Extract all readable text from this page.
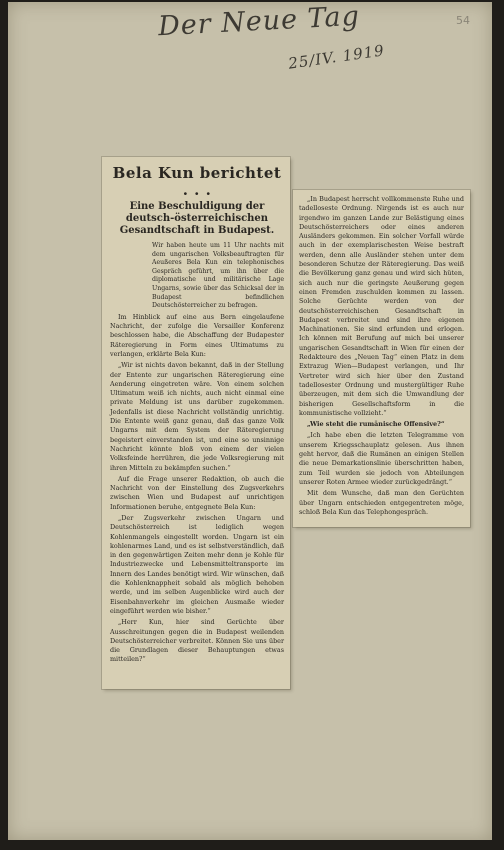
Der Neue Tag
25/IV. 1919
54
Bela Kun berichtet . . .
Eine Beschuldigung der deutsch-österreichischen Gesandtschaft in Budapest.

Wir haben heute um 11 Uhr nachts mit dem ungarischen Volksbeauftragten für Aeußeres Bela Kun ein telephonisches Gespräch geführt, um ihn über die diplomatische und militärische Lage Ungarns, sowie über das Schicksal der in Budapest befindlichen Deutschösterreicher zu befragen.

Im Hinblick auf eine aus Bern eingelaufene Nachricht, der zufolge die Versailler Konferenz beschlossen habe, die Abschaffung der Budapester Räteregierung in Form eines Ultimatums zu verlangen, erklärte Bela Kun:

„Wir ist nichts davon bekannt, daß in der Stellung der Entente zur ungarischen Räteregierung eine Aenderung eingetreten wäre. Von einem solchen Ultimatum weiß ich nichts, auch nicht einmal eine private Meldung ist uns darüber zugekommen. Jedenfalls ist diese Nachricht vollständig unrichtig. Die Entente weiß ganz genau, daß das ganze Volk Ungarns mit dem System der Räteregierung begeistert einverstanden ist, und eine so unsinnige Nachricht könnte bloß von einem der vielen Volksfeinde herrühren, die jede Volksregierung mit ihren Mitteln zu bekämpfen suchen.“

Auf die Frage unserer Redaktion, ob auch die Nachricht von der Einstellung des Zugsverkehrs zwischen Wien und Budapest auf unrichtigen Informationen beruhe, entgegnete Bela Kun:

„Der Zugsverkehr zwischen Ungarn und Deutschösterreich ist lediglich wegen Kohlenmangels eingestellt worden. Ungarn ist ein kohlenarmes Land, und es ist selbstverständlich, daß in den gegenwärtigen Zeiten mehr denn je Kohle für Industriezwecke und Lebensmitteltransporte im Innern des Landes benötigt wird. Wir wünschen, daß die Kohlenknappheit sobald als möglich behoben werde, und im selben Augenblicke wird auch der Eisenbahnverkehr im gleichen Ausmaße wieder eingeführt werden wie bisher.“

„Herr Kun, hier sind Gerüchte über Ausschreitungen gegen die in Budapest weilenden Deutschösterreicher verbreitet. Können Sie uns über die Grundlagen dieser Behauptungen etwas mitteilen?“

„In Budapest herrscht vollkommenste Ruhe und tadelloseste Ordnung. Nirgends ist es auch nur irgendwo im ganzen Lande zur Belästigung eines Deutschösterreichers oder eines anderen Ausländers gekommen. Ein solcher Vorfall würde auch in der exemplarischesten Weise bestraft werden, denn alle Ausländer stehen unter dem besonderen Schutze der Räteregierung. Das weiß die Bevölkerung ganz genau und wird sich hüten, sich auch nur die geringste Aeußerung gegen einen Fremden zuschulden kommen zu lassen. Solche Gerüchte werden von der deutschösterreichischen Gesandtschaft in Budapest verbreitet und sind ihre eigenen Machinationen. Sie sind erfunden und erlogen. Ich können mit Berufung auf mich bei unserer ungarischen Gesandtschaft in Wien für einen der Redakteure des „Neuen Tag“ einen Platz in dem Extrazug Wien—Budapest verlangen, und Ihr Vertreter wird sich hier über den Zustand tadellosester Ordnung und mustergültiger Ruhe überzeugen, mit dem sich die Umwandlung der bisherigen Gesellschaftsform in die kommunistische vollzieht.“

„Wie steht die rumänische Offensive?“

„Ich habe eben die letzten Telegramme von unserem Kriegsschauplatz gelesen. Aus ihnen geht hervor, daß die Rumänen an einigen Stellen die neue Demarkationslinie überschritten haben, zum Teil wurden sie jedoch von Abteilungen unserer Roten Armee wieder zurückgedrängt.“

Mit dem Wunsche, daß man den Gerüchten über Ungarn entschieden entgegentreten möge, schloß Bela Kun das Telephongespräch.
